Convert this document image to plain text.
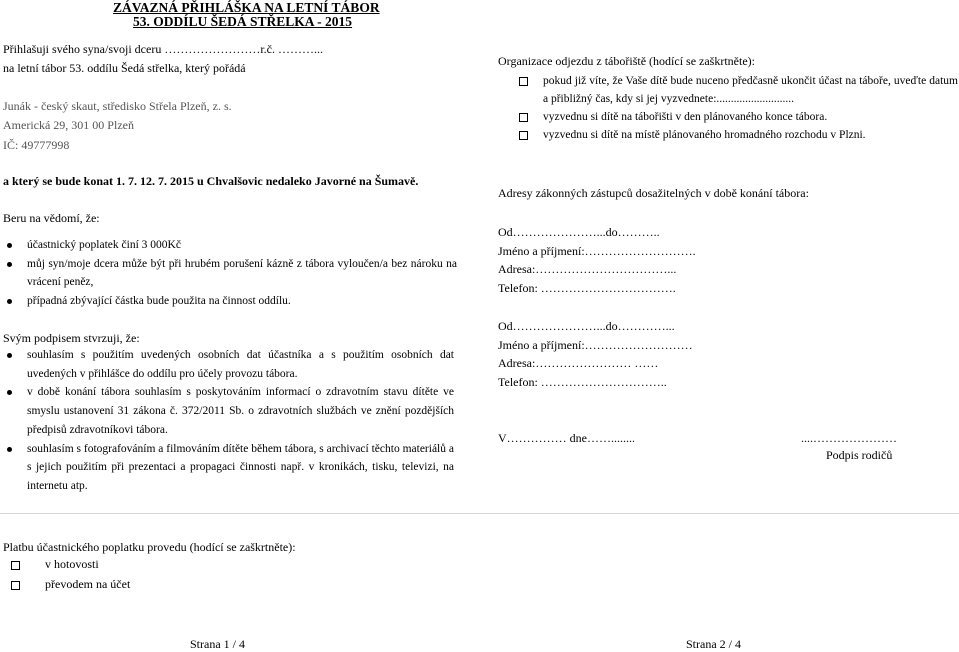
ZÁVAZNÁ PŘIHLÁŠKA NA LETNÍ TÁBOR
53. ODDÍLU ŠEDÁ STŘELKA - 2015
Přihlašuji svého syna/svoji dceru ……………………r.č. ………...
na letní tábor 53. oddílu Šedá střelka, který pořádá
Junák - český skaut, středisko Střela Plzeň, z. s.
Americká 29, 301 00 Plzeň
IČ: 49777998
a který se bude konat 1. 7. 12. 7. 2015 u Chvalšovic nedaleko Javorné na Šumavě.
Beru na vědomí, že:
účastnický poplatek činí 3 000Kč
můj syn/moje dcera může být při hrubém porušení kázně z tábora vyloučen/a bez nároku na vrácení peněz,
případná zbývající částka bude použita na činnost oddílu.
Svým podpisem stvrzuji, že:
souhlasím s použitím uvedených osobních dat účastníka a s použitím osobních dat uvedených v přihlášce do oddílu pro účely provozu tábora.
v době konání tábora souhlasím s poskytováním informací o zdravotním stavu dítěte ve smyslu ustanovení 31 zákona č. 372/2011 Sb. o zdravotních službách ve znění pozdějších předpisů zdravotníkovi tábora.
souhlasím s fotografováním a filmováním dítěte během tábora, s archivací těchto materiálů a s jejich použitím při prezentaci a propagaci činnosti např. v kronikách, tisku, televizi, na internetu atp.
Platbu účastnického poplatku provedu (hodící se zaškrtněte):
v hotovosti
převodem na účet
Strana 1 / 4
Organizace odjezdu z tábořiště (hodící se zaškrtněte):
pokud již víte, že Vaše dítě bude nuceno předčasně ukončit účast na táboře, uveďte datum a přibližný čas, kdy si jej vyzvednete:...........................
vyzvednu si dítě na tábořišti v den plánovaného konce tábora.
vyzvednu si dítě na místě plánovaného hromadného rozchodu v Plzni.
Adresy zákonných zástupců dosažitelných v době konání tábora:
Od…………………...do………..
Jméno a příjmení:……………………….
Adresa:……………………………...
Telefon: …………………………….
Od…………………...do…………...
Jméno a příjmení:………………………
Adresa:…………………… ……
Telefon: …………………………..
V…………… dne……........	....…………………
Podpis rodičů
Strana 2 / 4
